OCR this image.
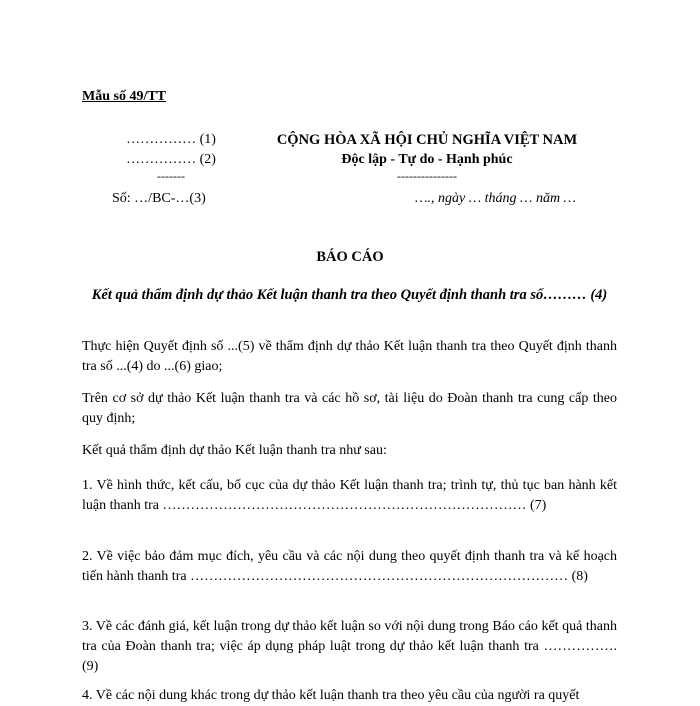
Mẫu số 49/TT
…………… (1)
…………… (2)
-------
CỘNG HÒA XÃ HỘI CHỦ NGHĨA VIỆT NAM
Độc lập - Tự do - Hạnh phúc
---------------
Số: …/BC-…(3)	…., ngày … tháng … năm …
BÁO CÁO
Kết quả thẩm định dự thảo Kết luận thanh tra theo Quyết định thanh tra số……… (4)
Thực hiện Quyết định số ...(5) về thẩm định dự thảo Kết luận thanh tra theo Quyết định thanh tra số ...(4) do ...(6) giao;
Trên cơ sở dự thảo Kết luận thanh tra và các hồ sơ, tài liệu do Đoàn thanh tra cung cấp theo quy định;
Kết quả thẩm định dự thảo Kết luận thanh tra như sau:
1. Về hình thức, kết cấu, bố cục của dự thảo Kết luận thanh tra; trình tự, thủ tục ban hành kết luận thanh tra …………………………………………………………………… (7)
2. Về việc bảo đảm mục đích, yêu cầu và các nội dung theo quyết định thanh tra và kế hoạch tiến hành thanh tra ……………………………………………………………………… (8)
3. Về các đánh giá, kết luận trong dự thảo kết luận so với nội dung trong Báo cáo kết quả thanh tra của Đoàn thanh tra; việc áp dụng pháp luật trong dự thảo kết luận thanh tra ……………. (9)
4. Về các nội dung khác trong dự thảo kết luận thanh tra theo yêu cầu của người ra quyết
